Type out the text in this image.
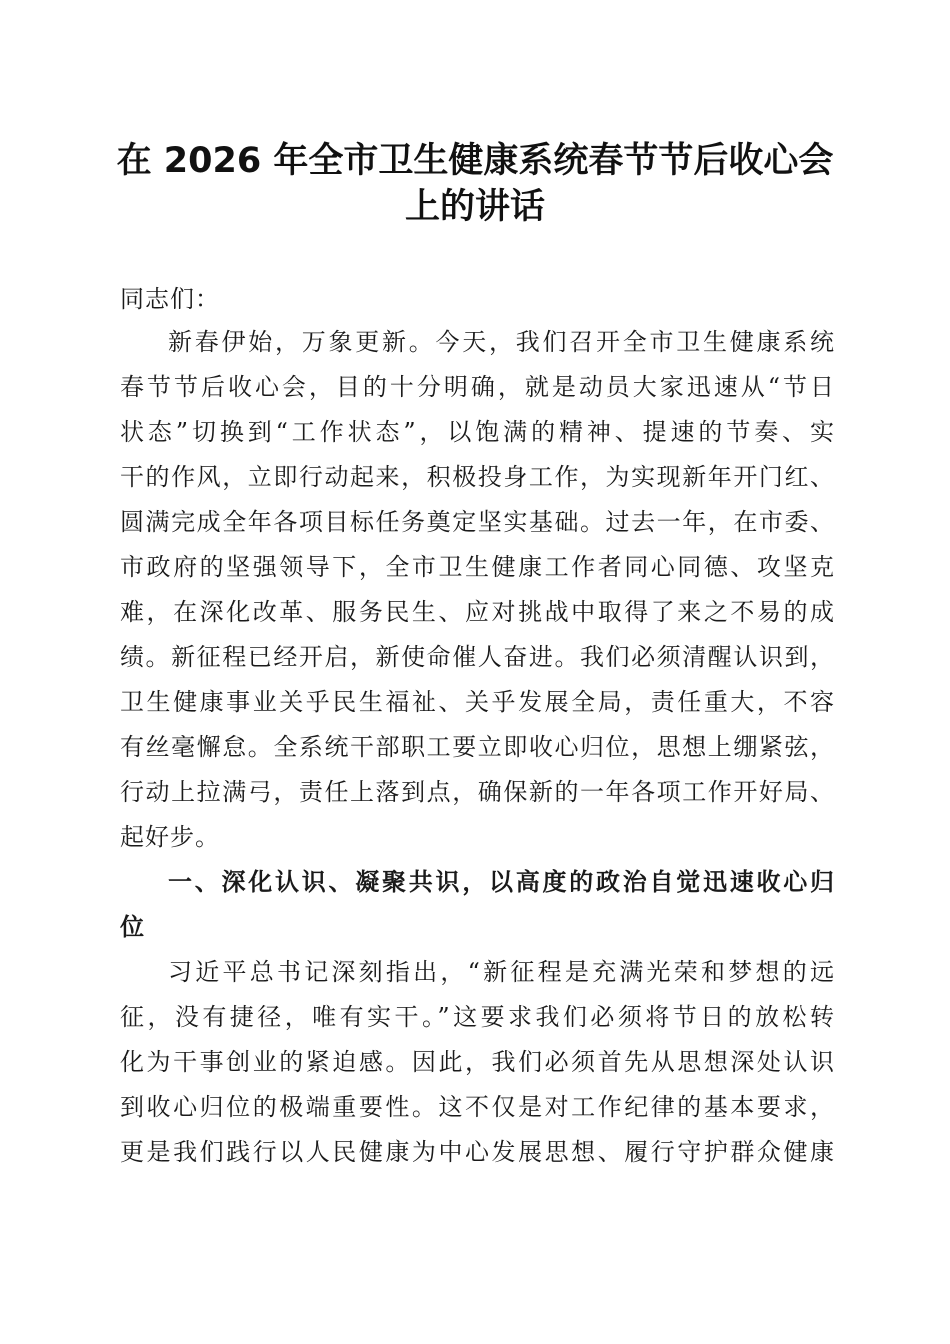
在 2026 年全市卫生健康系统春节节后收心会
上的讲话

同志们：

新春伊始，万象更新。今天，我们召开全市卫生健康系统

春节节后收心会，目的十分明确，就是动员大家迅速从“节日

状态”切换到“工作状态”，以饱满的精神、提速的节奏、实

干的作风，立即行动起来，积极投身工作，为实现新年开门红、

圆满完成全年各项目标任务奠定坚实基础。过去一年，在市委、

市政府的坚强领导下，全市卫生健康工作者同心同德、攻坚克

难，在深化改革、服务民生、应对挑战中取得了来之不易的成

绩。新征程已经开启，新使命催人奋进。我们必须清醒认识到，

卫生健康事业关乎民生福祉、关乎发展全局，责任重大，不容

有丝毫懈怠。全系统干部职工要立即收心归位，思想上绷紧弦，

行动上拉满弓，责任上落到点，确保新的一年各项工作开好局、

起好步。

一、深化认识、凝聚共识，以高度的政治自觉迅速收心归

位

习近平总书记深刻指出，“新征程是充满光荣和梦想的远

征，没有捷径，唯有实干。”这要求我们必须将节日的放松转

化为干事创业的紧迫感。因此，我们必须首先从思想深处认识

到收心归位的极端重要性。这不仅是对工作纪律的基本要求，

更是我们践行以人民健康为中心发展思想、履行守护群众健康
